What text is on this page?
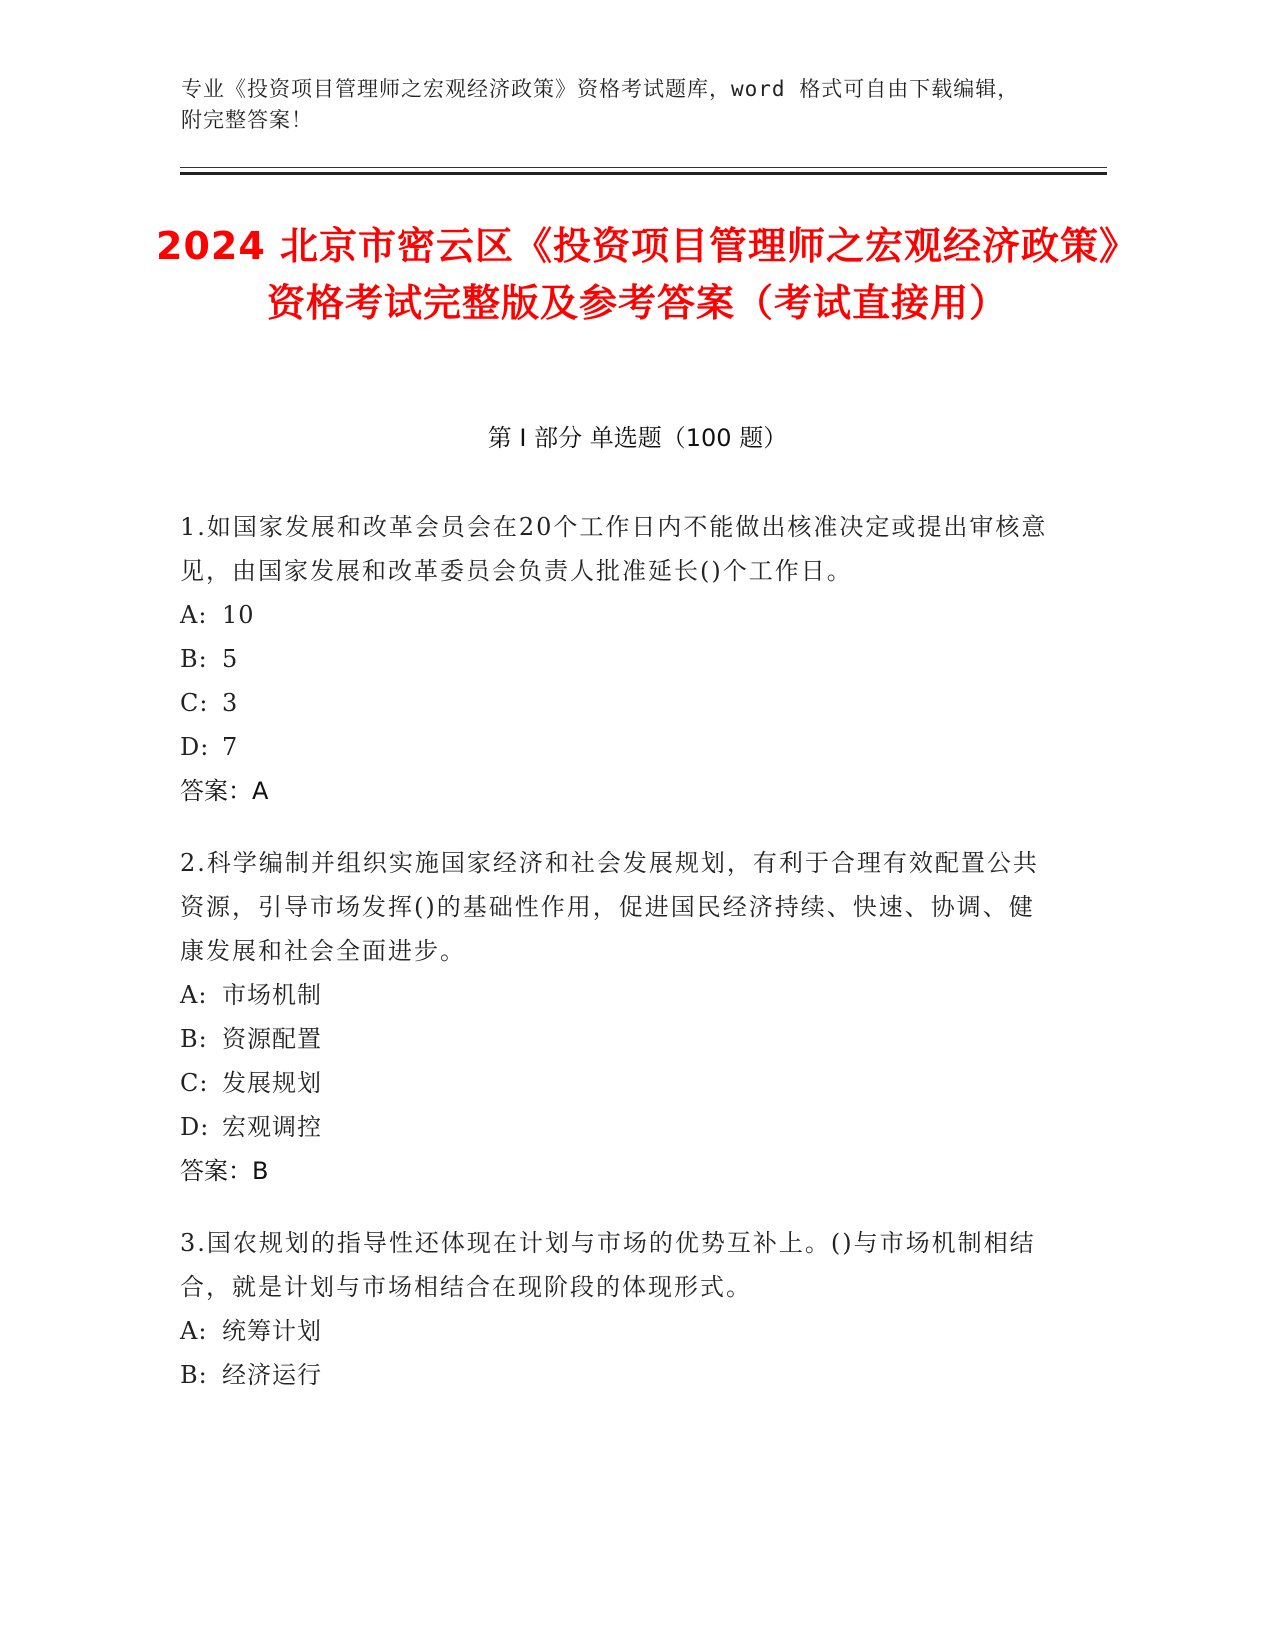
专业《投资项目管理师之宏观经济政策》资格考试题库，word 格式可自由下载编辑，附完整答案！
2024 北京市密云区《投资项目管理师之宏观经济政策》资格考试完整版及参考答案（考试直接用）
第 I 部分 单选题（100 题）
1.如国家发展和改革会员会在20个工作日内不能做出核准决定或提出审核意见，由国家发展和改革委员会负责人批准延长()个工作日。
A: 10
B: 5
C: 3
D: 7
答案：A
2.科学编制并组织实施国家经济和社会发展规划，有利于合理有效配置公共资源，引导市场发挥()的基础性作用，促进国民经济持续、快速、协调、健康发展和社会全面进步。
A: 市场机制
B: 资源配置
C: 发展规划
D: 宏观调控
答案：B
3.国农规划的指导性还体现在计划与市场的优势互补上。()与市场机制相结合，就是计划与市场相结合在现阶段的体现形式。
A: 统筹计划
B: 经济运行
